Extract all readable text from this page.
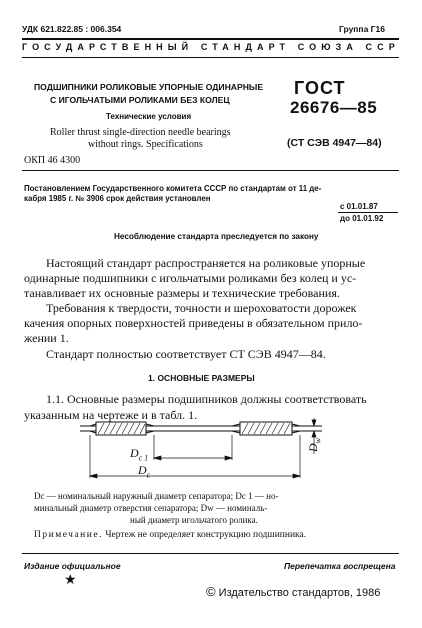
УДК 621.822.85 : 006.354	Группа Г16
ГОСУДАРСТВЕННЫЙ СТАНДАРТ СОЮЗА ССР
ПОДШИПНИКИ РОЛИКОВЫЕ УПОРНЫЕ ОДИНАРНЫЕ
С ИГОЛЬЧАТЫМИ РОЛИКАМИ БЕЗ КОЛЕЦ
Технические условия
Roller thrust single-direction needle bearings
without rings. Specifications
ОКП 46 4300
ГОСТ
26676—85
(СТ СЭВ 4947—84)
Постановлением Государственного комитета СССР по стандартам от 11 де-
кабря 1985 г. № 3906 срок действия установлен
с 01.01.87
до 01.01.92
Несоблюдение стандарта преследуется по закону
Настоящий стандарт распространяется на роликовые упорные
одинарные подшипники с игольчатыми роликами без колец и ус-
танавливает их основные размеры и технические требования.
Требования к твердости, точности и шероховатости дорожек
качения опорных поверхностей приведены в обязательном прило-
жении 1.
Стандарт полностью соответствует СТ СЭВ 4947—84.
1. ОСНОВНЫЕ РАЗМЕРЫ
1.1. Основные размеры подшипников должны соответствовать
указанным на чертеже и в табл. 1.
$D_{c 1}$
$D_c$
$D_w$
Dс — номинальный наружный диаметр сепаратора; Dс 1 — но-
минальный диаметр отверстия сепаратора; Dw — номиналь-
ный диаметр игольчатого ролика.
Примечание. Чертеж не определяет конструкцию подшипника.
Издание официальное	Перепечатка воспрещена
★
© Издательство стандартов, 1986
